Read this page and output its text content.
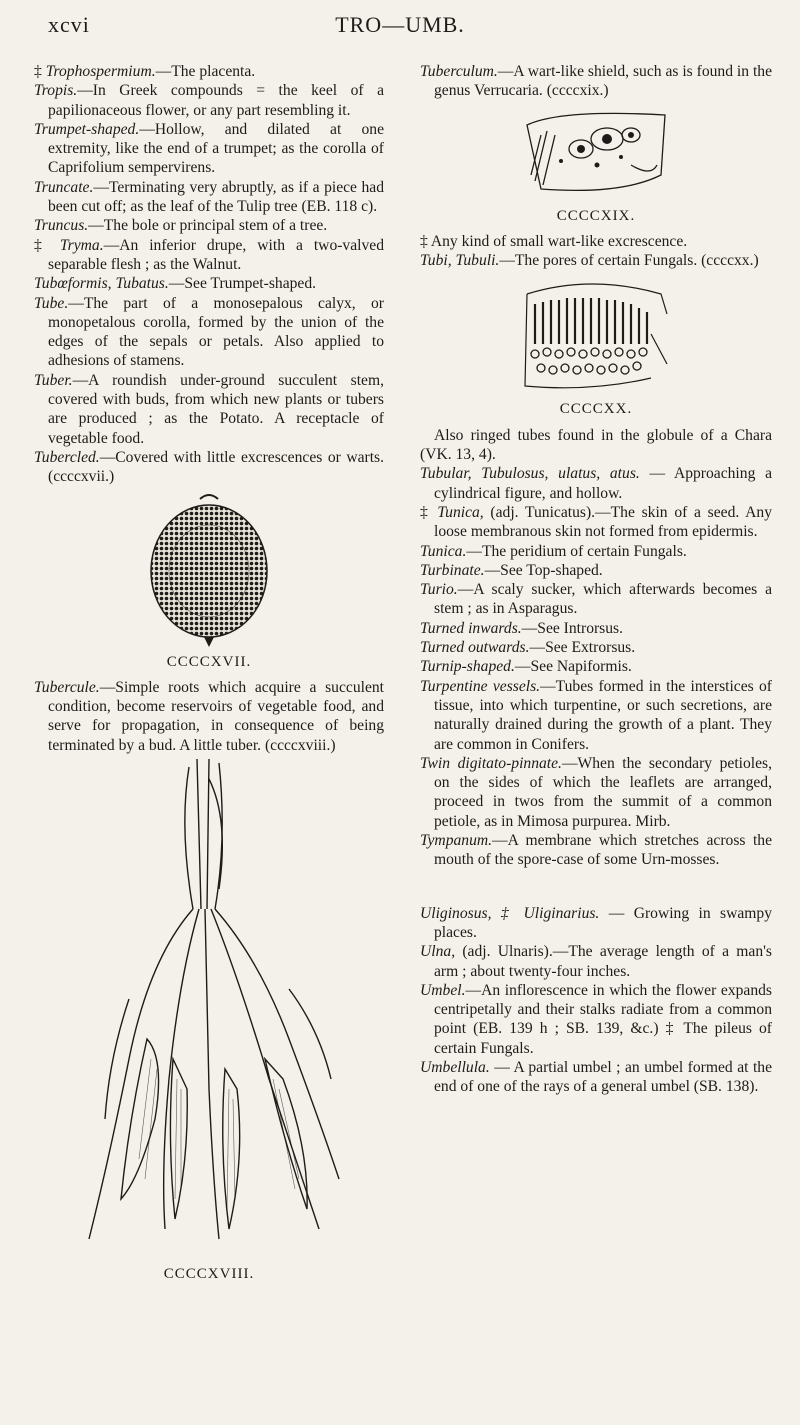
xcvi	TRO—UMB.
‡ Trophospermium.—The placenta.
Tropis.—In Greek compounds = the keel of a papilionaceous flower, or any part resembling it.
Trumpet-shaped.—Hollow, and dilated at one extremity, like the end of a trumpet; as the corolla of Caprifolium sempervirens.
Truncate.—Terminating very abruptly, as if a piece had been cut off; as the leaf of the Tulip tree (EB. 118 c).
Truncus.—The bole or principal stem of a tree.
‡ Tryma.—An inferior drupe, with a two-valved separable flesh ; as the Walnut.
Tubœformis, Tubatus.—See Trumpet-shaped.
Tube.—The part of a monosepalous calyx, or monopetalous corolla, formed by the union of the edges of the sepals or petals. Also applied to adhesions of stamens.
Tuber.—A roundish under-ground succulent stem, covered with buds, from which new plants or tubers are produced ; as the Potato. A receptacle of vegetable food.
Tubercled.—Covered with little excrescences or warts. (ccccxvii.)
CCCCXVII.
Tubercule.—Simple roots which acquire a succulent condition, become reservoirs of vegetable food, and serve for propagation, in consequence of being terminated by a bud. A little tuber. (ccccxviii.)
CCCCXVIII.
Tuberculum.—A wart-like shield, such as is found in the genus Verrucaria. (ccccxix.)
CCCCXIX.
‡ Any kind of small wart-like excrescence.
Tubi, Tubuli.—The pores of certain Fungals. (ccccxx.)
CCCCXX.

Also ringed tubes found in the globule of a Chara (VK. 13, 4).

Tubular, Tubulosus, ulatus, atus. — Approaching a cylindrical figure, and hollow.
‡ Tunica, (adj. Tunicatus).—The skin of a seed. Any loose membranous skin not formed from epidermis.
Tunica.—The peridium of certain Fungals.
Turbinate.—See Top-shaped.
Turio.—A scaly sucker, which afterwards becomes a stem ; as in Asparagus.
Turned inwards.—See Introrsus.
Turned outwards.—See Extrorsus.
Turnip-shaped.—See Napiformis.
Turpentine vessels.—Tubes formed in the interstices of tissue, into which turpentine, or such secretions, are naturally drained during the growth of a plant. They are common in Conifers.
Twin digitato-pinnate.—When the secondary petioles, on the sides of which the leaflets are arranged, proceed in twos from the summit of a common petiole, as in Mimosa purpurea. Mirb.
Tympanum.—A membrane which stretches across the mouth of the spore-case of some Urn-mosses.
Uliginosus, ‡ Uliginarius. — Growing in swampy places.
Ulna, (adj. Ulnaris).—The average length of a man's arm ; about twenty-four inches.
Umbel.—An inflorescence in which the flower expands centripetally and their stalks radiate from a common point (EB. 139 h ; SB. 139, &c.) ‡ The pileus of certain Fungals.
Umbellula. — A partial umbel ; an umbel formed at the end of one of the rays of a general umbel (SB. 138).
